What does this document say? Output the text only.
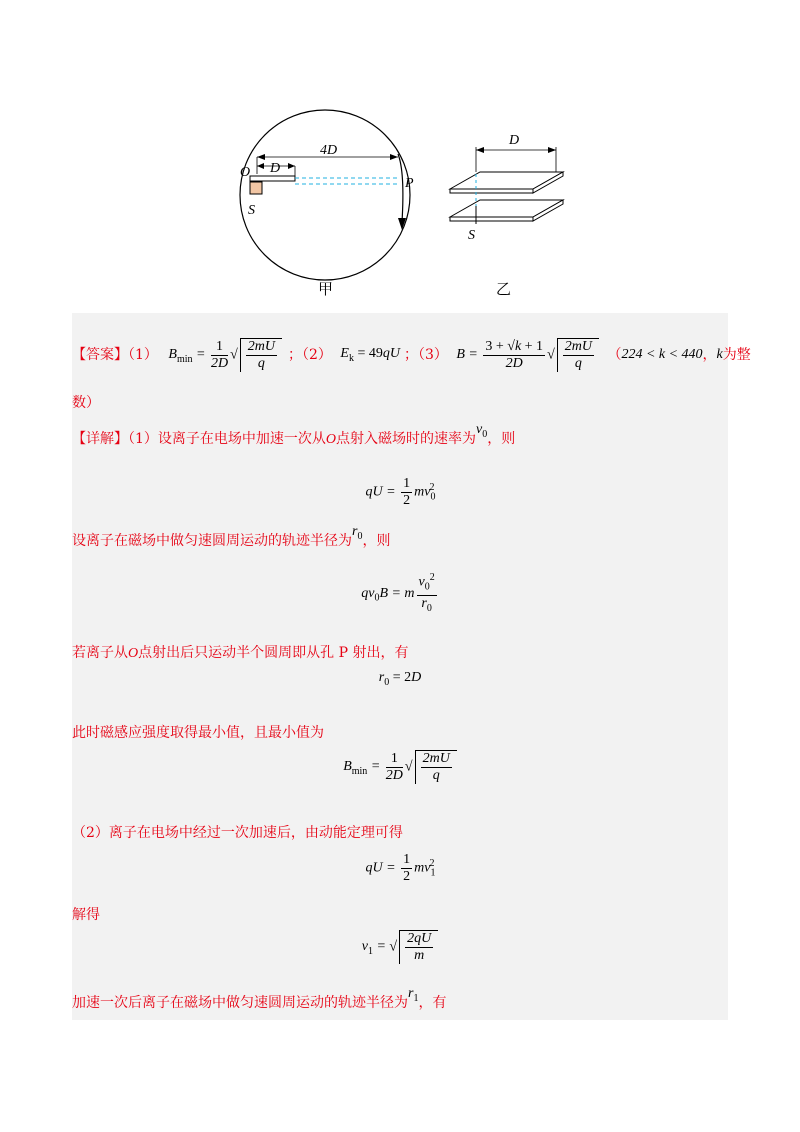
O
S
D
4D
P
D
S
甲	乙
【答案】（1） $B_{min} = \frac{1}{2D}$ √ $\frac{2mU}{q}$ ；（2） $E_k = 49qU$ ；（3） $B = \frac{3 + √k + 1}{2D}$ √ $\frac{2mU}{q} (224 < k < 440$，k为整
数）
【详解】（1）设离子在电场中加速一次从O点射入磁场时的速率为$v_0$，则
qU = $\frac{1}{2} mv_0^2$
设离子在磁场中做匀速圆周运动的轨迹半径为$r_0$，则
$qv_0B = m \frac{v_0^2}{r_0}$
若离子从O点射出后只运动半个圆周即从孔 P 射出，有
$r_0 = 2D$
此时磁感应强度取得最小值，且最小值为
$B_{min} = \frac{1}{2D}$ √ $\frac{2mU}{q}$
（2）离子在电场中经过一次加速后，由动能定理可得
qU = $\frac{1}{2} mv_1^2$
解得
$v_1$ = √ $\frac{2qU}{m}$
加速一次后离子在磁场中做匀速圆周运动的轨迹半径为$r_1$，有
